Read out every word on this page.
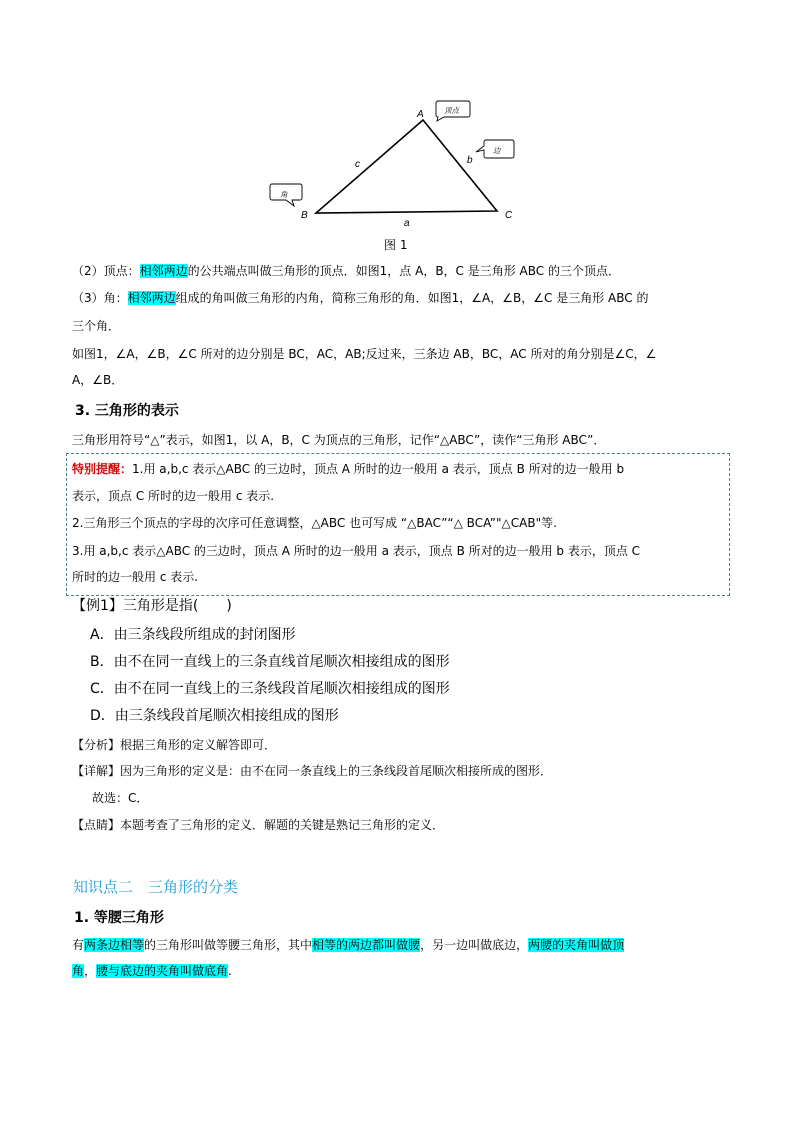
A
B	C
c	b
a
顶点
边
角
图 1
（2）顶点：相邻两边的公共端点叫做三角形的顶点．如图1，点 A，B，C 是三角形 ABC 的三个顶点．
（3）角：相邻两边组成的角叫做三角形的内角，简称三角形的角．如图1，∠A，∠B，∠C 是三角形 ABC 的
三个角．
如图1，∠A，∠B，∠C 所对的边分别是 BC，AC，AB;反过来，三条边 AB，BC，AC 所对的角分别是∠C，∠
A，∠B．
3. 三角形的表示
三角形用符号“△”表示，如图1，以 A，B，C 为顶点的三角形，记作“△ABC”，读作“三角形 ABC”．
特别提醒：1.用 a,b,c 表示△ABC 的三边时，顶点 A 所时的边一般用 a 表示，顶点 B 所对的边一般用 b
表示，顶点 C 所时的边一般用 c 表示.
2.三角形三个顶点的字母的次序可任意调整，△ABC 也可写成 “△BAC”“△ BCA”"△CAB"等.
3.用 a,b,c 表示△ABC 的三边时，顶点 A 所时的边一般用 a 表示，顶点 B 所对的边一般用 b 表示，顶点 C
所时的边一般用 c 表示.
【例1】三角形是指(　　)
A．由三条线段所组成的封闭图形
B．由不在同一直线上的三条直线首尾顺次相接组成的图形
C．由不在同一直线上的三条线段首尾顺次相接组成的图形
D．由三条线段首尾顺次相接组成的图形
【分析】根据三角形的定义解答即可．
【详解】因为三角形的定义是：由不在同一条直线上的三条线段首尾顺次相接所成的图形．
故选：C．
【点睛】本题考查了三角形的定义．解题的关键是熟记三角形的定义．
知识点二　三角形的分类
1. 等腰三角形
有两条边相等的三角形叫做等腰三角形，其中相等的两边都叫做腰，另一边叫做底边，两腰的夹角叫做顶
角，腰与底边的夹角叫做底角.
